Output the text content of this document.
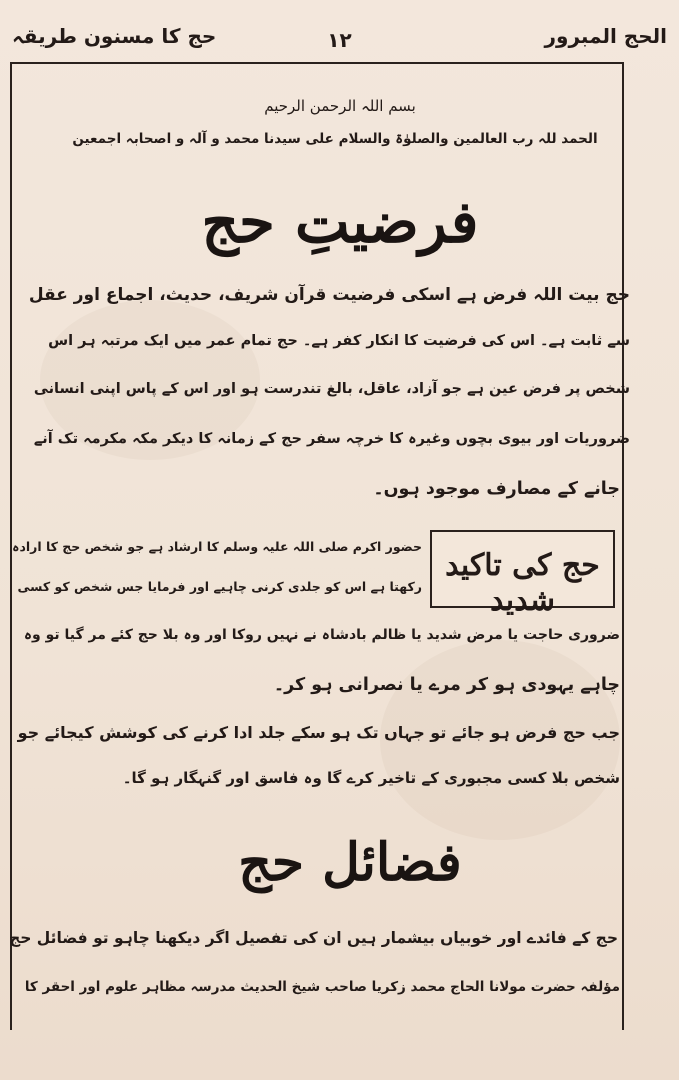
الحج المبرور
١٢
حج کا مسنون طریقہ
بسم اللہ الرحمن الرحیم
الحمد للہ رب العالمین والصلوٰۃ والسلام علی سیدنا محمد و آلہ و اصحابہ اجمعین
فرضیتِ حج
حج بیت اللہ فرض ہے اسکی فرضیت قرآن شریف، حدیث، اجماع اور عقل
سے ثابت ہے۔ اس کی فرضیت کا انکار کفر ہے۔ حج تمام عمر میں ایک مرتبہ ہر اس
شخص پر فرض عین ہے جو آزاد، عاقل، بالغ تندرست ہو اور اس کے پاس اپنی انسانی
ضروریات اور بیوی بچوں وغیرہ کا خرچہ سفر حج کے زمانہ کا دیکر مکہ مکرمہ تک آنے
جانے کے مصارف موجود ہوں۔
حج کی تاکید شدید
حضور اکرم صلی اللہ علیہ وسلم کا ارشاد ہے جو شخص حج کا ارادہ
رکھتا ہے اس کو جلدی کرنی چاہیے اور فرمایا جس شخص کو کسی
ضروری حاجت یا مرض شدید یا ظالم بادشاہ نے نہیں روکا اور وہ بلا حج کئے مر گیا تو وہ
چاہے یہودی ہو کر مرے یا نصرانی ہو کر۔
جب حج فرض ہو جائے تو جہاں تک ہو سکے جلد ادا کرنے کی کوشش کیجائے جو
شخص بلا کسی مجبوری کے تاخیر کرے گا وہ فاسق اور گنہگار ہو گا۔
فضائل حج
حج کے فائدے اور خوبیاں بیشمار ہیں ان کی تفصیل اگر دیکھنا چاہو تو فضائل حج
مؤلفہ حضرت مولانا الحاج محمد زکریا صاحب شیخ الحدیث مدرسہ مظاہر علوم اور احقر کا
